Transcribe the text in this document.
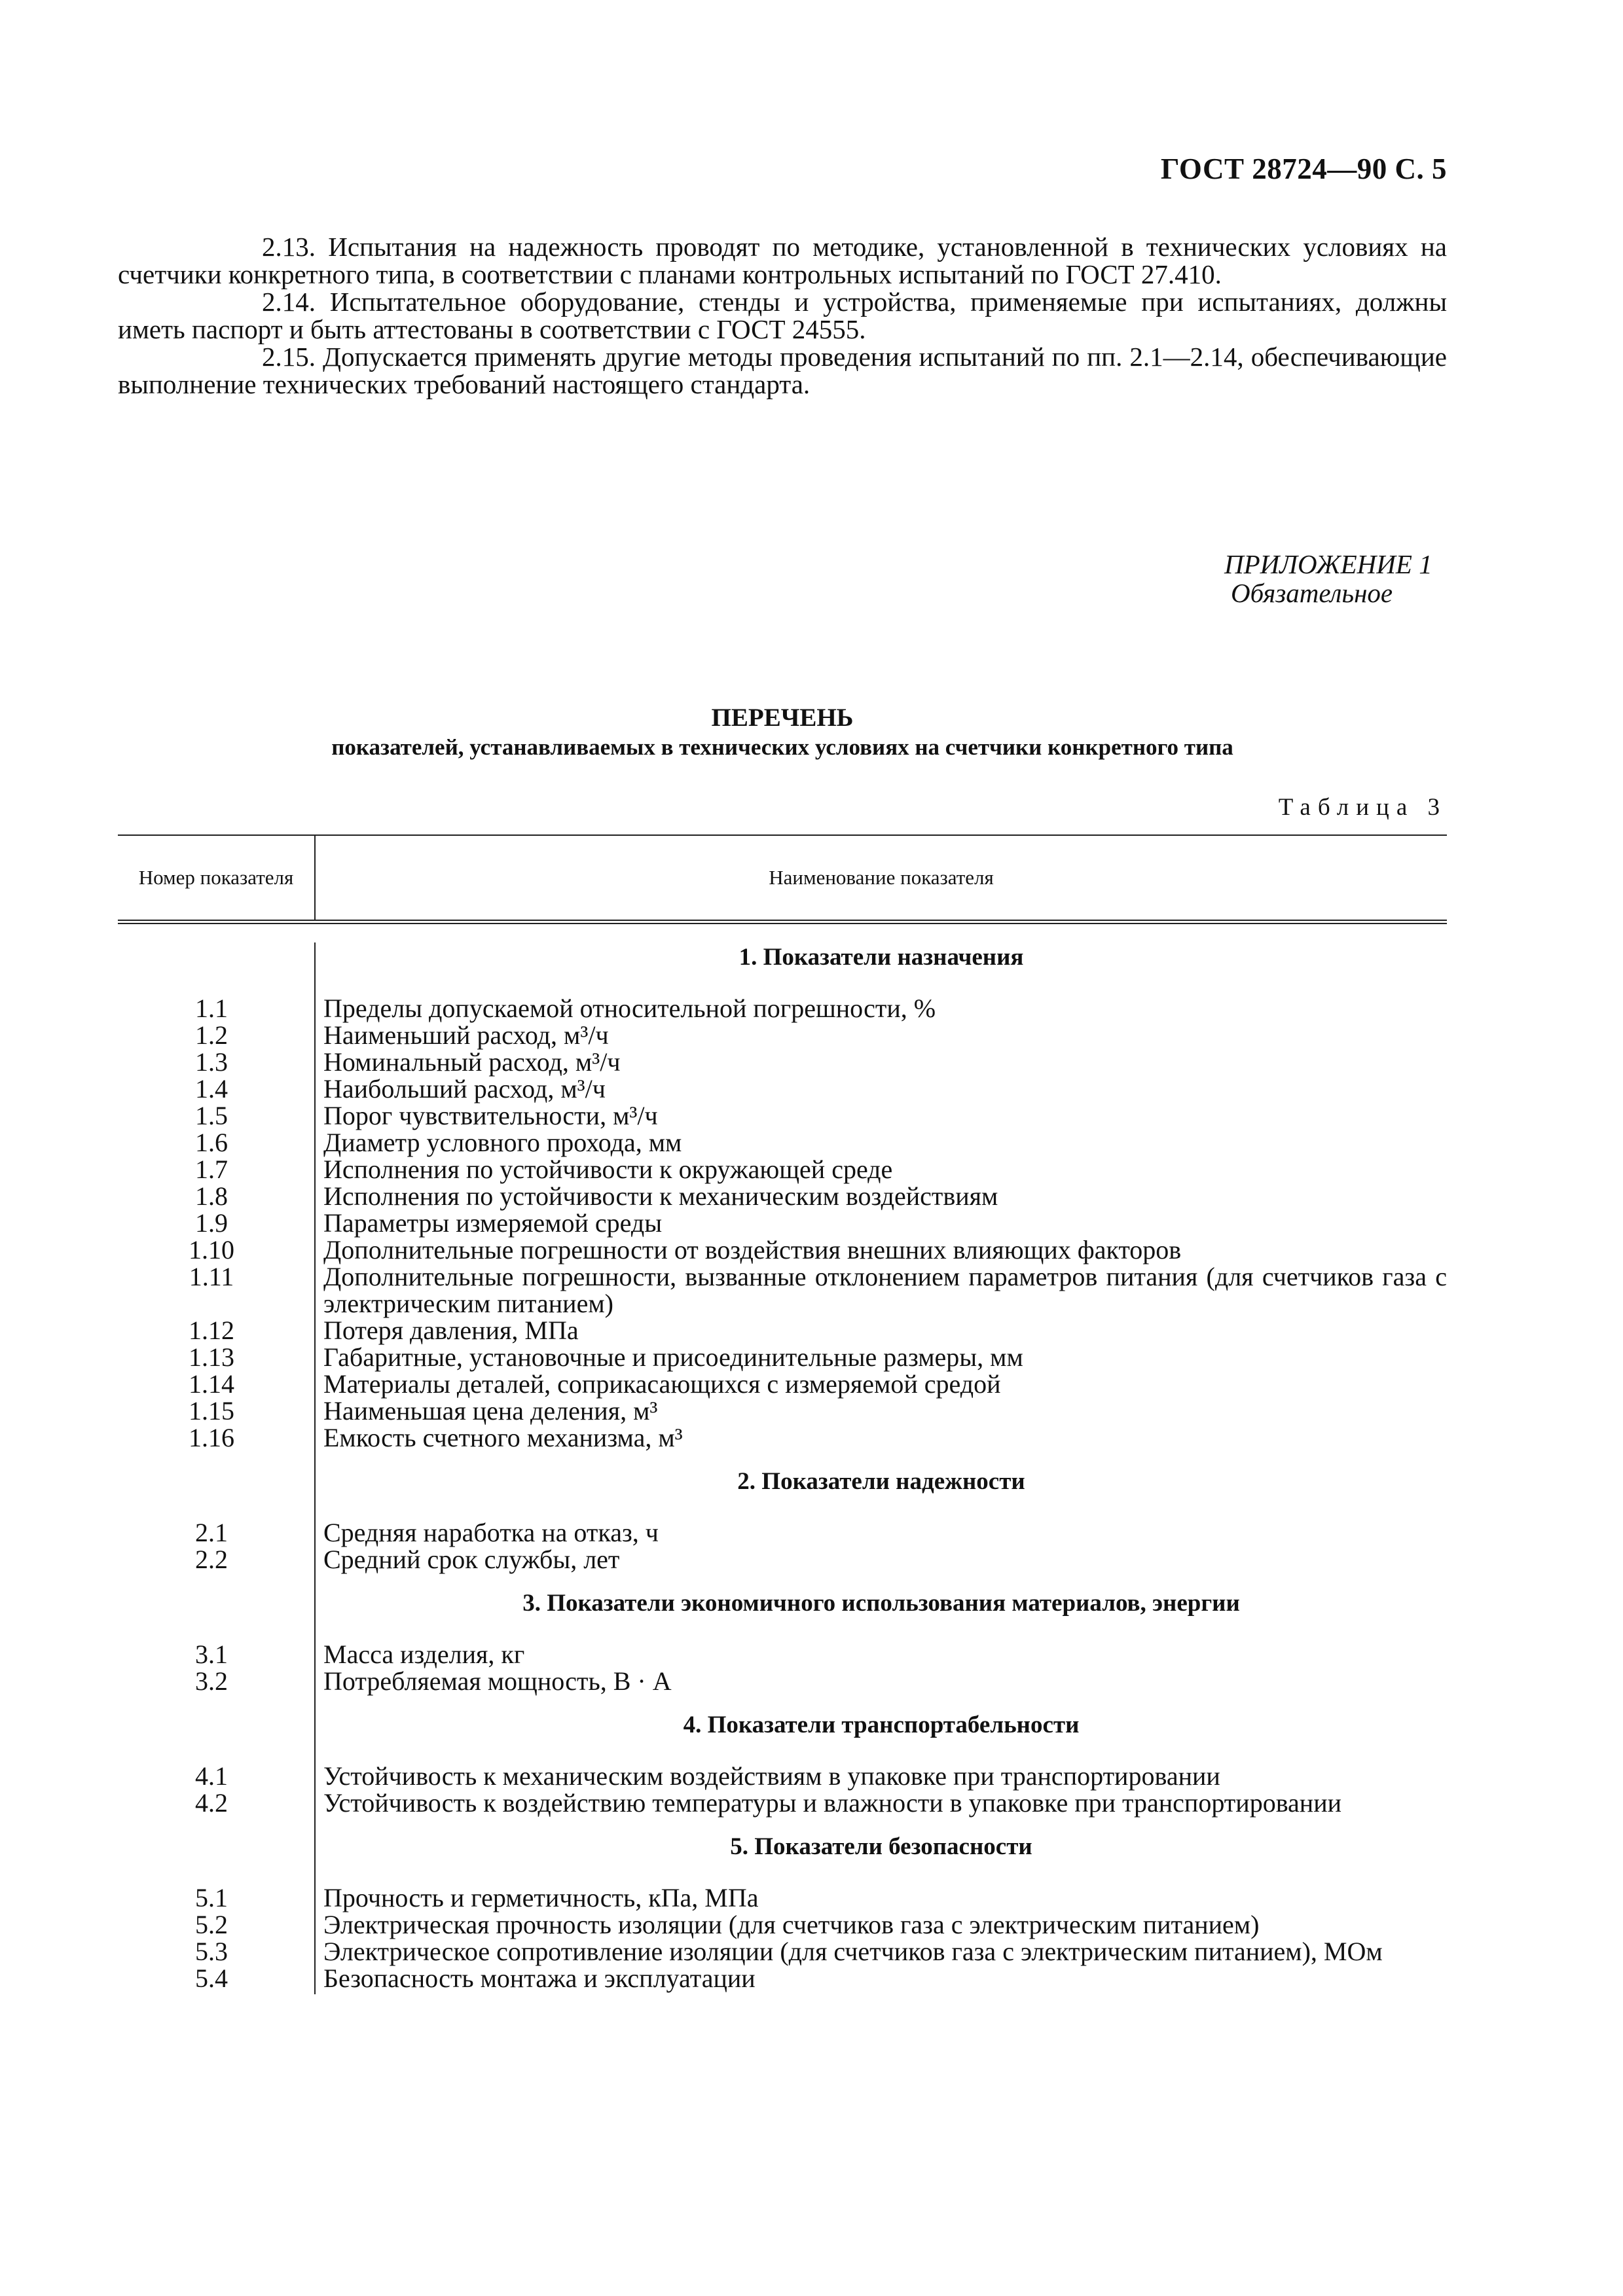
ГОСТ 28724—90 С. 5

2.13. Испытания на надежность проводят по методике, установленной в технических условиях на счетчики конкретного типа, в соответствии с планами контрольных испытаний по ГОСТ 27.410.

2.14. Испытательное оборудование, стенды и устройства, применяемые при испытаниях, должны иметь паспорт и быть аттестованы в соответствии с ГОСТ 24555.

2.15. Допускается применять другие методы проведения испытаний по пп. 2.1—2.14, обеспечивающие выполнение технических требований настоящего стандарта.

ПРИЛОЖЕНИЕ 1
Обязательное
ПЕРЕЧЕНЬ
показателей, устанавливаемых в технических условиях на счетчики конкретного типа
Таблица 3
Номер показателя	Наименование показателя
1. Показатели назначения
1.1	Пределы допускаемой относительной погрешности, %
1.2	Наименьший расход, м³/ч
1.3	Номинальный расход, м³/ч
1.4	Наибольший расход, м³/ч
1.5	Порог чувствительности, м³/ч
1.6	Диаметр условного прохода, мм
1.7	Исполнения по устойчивости к окружающей среде
1.8	Исполнения по устойчивости к механическим воздействиям
1.9	Параметры измеряемой среды
1.10	Дополнительные погрешности от воздействия внешних влияющих факторов
1.11	Дополнительные погрешности, вызванные отклонением параметров питания (для счетчиков газа с электрическим питанием)
1.12	Потеря давления, МПа
1.13	Габаритные, установочные и присоединительные размеры, мм
1.14	Материалы деталей, соприкасающихся с измеряемой средой
1.15	Наименьшая цена деления, м³
1.16	Емкость счетного механизма, м³
2. Показатели надежности
2.1	Средняя наработка на отказ, ч
2.2	Средний срок службы, лет
3. Показатели экономичного использования материалов, энергии
3.1	Масса изделия, кг
3.2	Потребляемая мощность, В · А
4. Показатели транспортабельности
4.1	Устойчивость к механическим воздействиям в упаковке при транспортировании
4.2	Устойчивость к воздействию температуры и влажности в упаковке при транспортировании
5. Показатели безопасности
5.1	Прочность и герметичность, кПа, МПа
5.2	Электрическая прочность изоляции (для счетчиков газа с электрическим питанием)
5.3	Электрическое сопротивление изоляции (для счетчиков газа с электрическим питанием), МОм
5.4	Безопасность монтажа и эксплуатации
